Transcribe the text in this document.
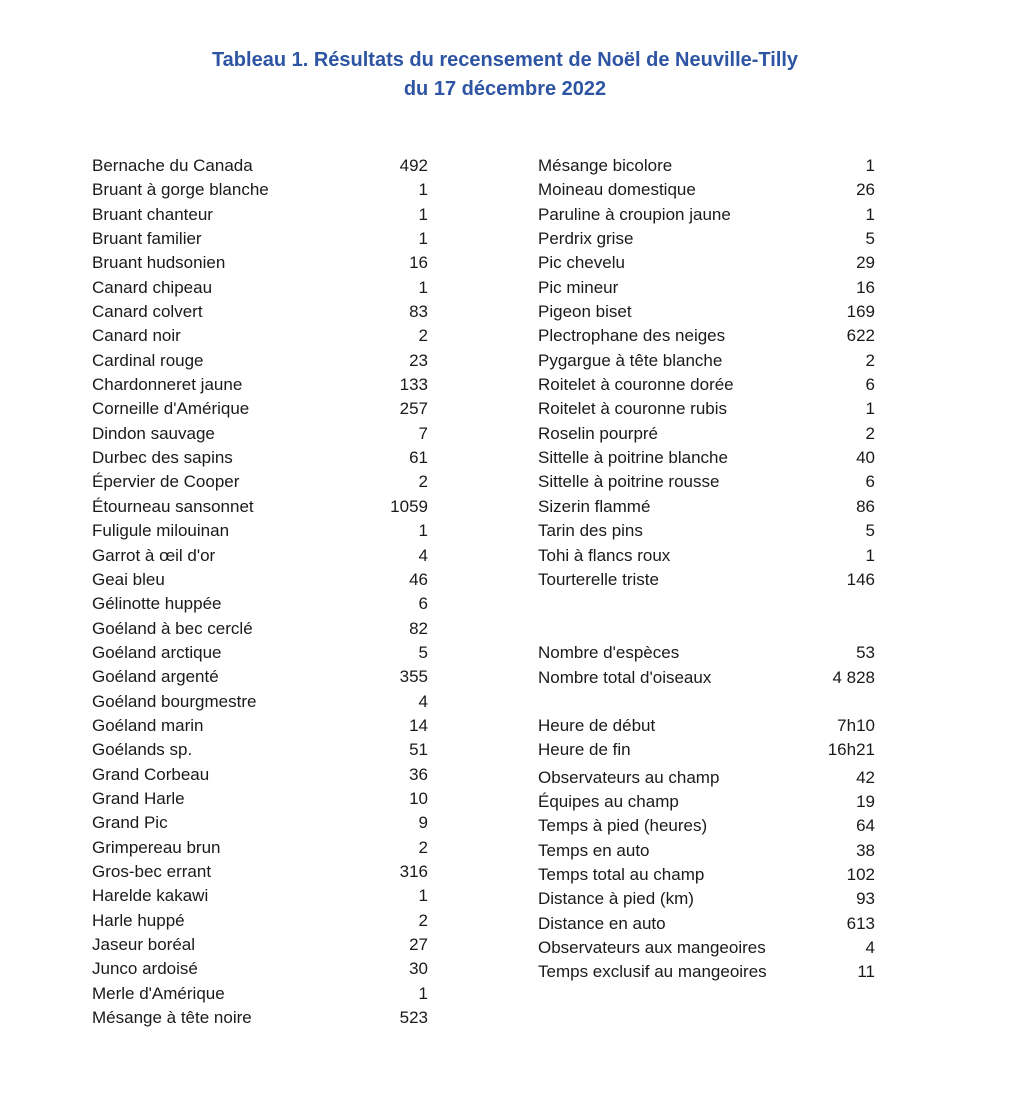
Tableau 1. Résultats du recensement de Noël de Neuville-Tilly
du 17 décembre 2022
Bernache du Canada	492
Bruant à gorge blanche	1
Bruant chanteur	1
Bruant familier	1
Bruant hudsonien	16
Canard chipeau	1
Canard colvert	83
Canard noir	2
Cardinal rouge	23
Chardonneret jaune	133
Corneille d'Amérique	257
Dindon sauvage	7
Durbec des sapins	61
Épervier de Cooper	2
Étourneau sansonnet	1059
Fuligule milouinan	1
Garrot à œil d'or	4
Geai bleu	46
Gélinotte huppée	6
Goéland à bec cerclé	82
Goéland arctique	5
Goéland argenté	355
Goéland bourgmestre	4
Goéland marin	14
Goélands sp.	51
Grand Corbeau	36
Grand Harle	10
Grand Pic	9
Grimpereau brun	2
Gros-bec errant	316
Harelde kakawi	1
Harle huppé	2
Jaseur boréal	27
Junco ardoisé	30
Merle d'Amérique	1
Mésange à tête noire	523
Mésange bicolore	1
Moineau domestique	26
Paruline à croupion jaune	1
Perdrix grise	5
Pic chevelu	29
Pic mineur	16
Pigeon biset	169
Plectrophane des neiges	622
Pygargue à tête blanche	2
Roitelet à couronne dorée	6
Roitelet à couronne rubis	1
Roselin pourpré	2
Sittelle à poitrine blanche	40
Sittelle à poitrine rousse	6
Sizerin flammé	86
Tarin des pins	5
Tohi à flancs roux	1
Tourterelle triste	146
Nombre d'espèces	53
Nombre total d'oiseaux	4 828
Heure de début	7h10
Heure de fin	16h21
Observateurs au champ	42
Équipes au champ	19
Temps à pied (heures)	64
Temps en auto	38
Temps total au champ	102
Distance à pied (km)	93
Distance en auto	613
Observateurs aux mangeoires	4
Temps exclusif au mangeoires	11
